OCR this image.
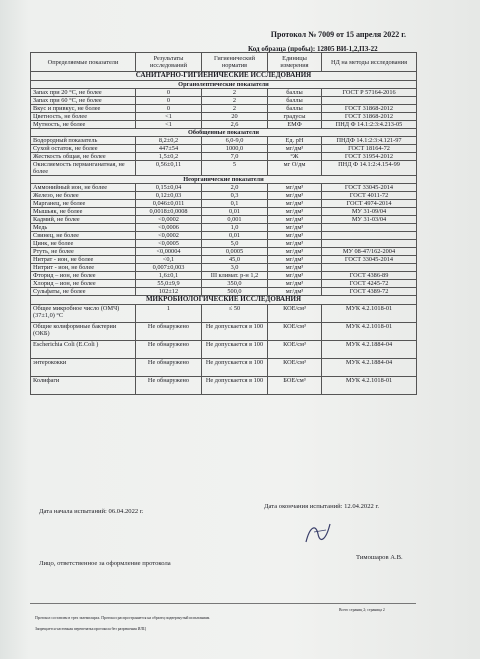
Протокол № 7009 от 15 апреля 2022 г.
Код образца (пробы): 12805 ВИ-1,2,ПЗ-22
Определяемые показатели	Результаты исследований	Гигиенический норматив	Единицы измерения	НД на методы исследования
САНИТАРНО-ГИГИЕНИЧЕСКИЕ ИССЛЕДОВАНИЯ				
Органолептические показатели				
Запах при 20 °С, не более	0	2	баллы	ГОСТ Р 57164-2016
Запах при 60 °С, не более	0	2	баллы	
Вкус и привкус, не более	0	2	баллы	ГОСТ 31868-2012
Цветность, не более	<1	20	градусы	ГОСТ 31868-2012
Мутность, не более	<1	2,6	ЕМФ	ПНД Ф 14.1:2:3:4.213-05
Обобщенные показатели				
Водородный показатель	8,2±0,2	6,0-9,0	Ед. рН	ПНДФ 14.1:2:3:4.121-97
Сухой остаток, не более	447±54	1000,0	мг/дм³	ГОСТ 18164-72
Жесткость общая, не более	1,5±0,2	7,0	°Ж	ГОСТ 31954-2012
Окисляемость перманганатная, не более	0,56±0,11	5	мг О/дм	ПНД Ф 14.1:2:4.154-99
Неорганические показатели				
Аммонийный ион, не более	0,15±0,04	2,0	мг/дм³	ГОСТ 33045-2014
Железо, не более	0,12±0,03	0,3	мг/дм³	ГОСТ 4011-72
Марганец, не более	0,046±0,011	0,1	мг/дм³	ГОСТ 4974-2014
Мышьяк, не более	0,0018±0,0008	0,01	мг/дм³	МУ 31-09/04
Кадмий, не более	<0,0002	0,001	мг/дм³	МУ 31-03/04
Медь	<0,0006	1,0	мг/дм³	
Свинец, не более	<0,0002	0,01	мг/дм³	
Цинк, не более	<0,0005	5,0	мг/дм³	
Ртуть, не более	<0,00004	0,0005	мг/дм³	МУ 08-47/162-2004
Нитрат - ион, не более	<0,1	45,0	мг/дм³	ГОСТ 33045-2014
Нитрит - ион, не более	0,007±0,003	3,0	мг/дм³	
Фторид – ион, не более	1,6±0,1	III климат. р-н 1,2	мг/дм³	ГОСТ 4386-89
Хлорид – ион, не более	55,0±9,9	350,0	мг/дм³	ГОСТ 4245-72
Сульфаты, не более	102±12	500,0	мг/дм³	ГОСТ 4389-72
МИКРОБИОЛОГИЧЕСКИЕ ИССЛЕДОВАНИЯ				
Общее микробное число (ОМЧ) (37±1,0) °С	1	≤ 50	КОЕ/см³	МУК 4.2.1018-01
Общие колиформные бактерии (ОКБ)	Не обнаружено	Не допускается в 100	КОЕ/см³	МУК 4.2.1018-01
Escherichia Coli (E.Coli )	Не обнаружено	Не допускается в 100	КОЕ/см³	МУК 4.2.1884-04
энтерококки	Не обнаружено	Не допускается в 100	КОЕ/см³	МУК 4.2.1884-04
Колифаги	Не обнаружено	Не допускается в 100	БОЕ/см³	МУК 4.2.1018-01
Дата окончания испытаний: 12.04.2022 г.
Дата начала испытаний: 06.04.2022 г.
Лицо, ответственное за оформление протокола
Тимошаров А.В.
Всего страниц 2; страница 2
Протокол составлен в трех экземплярах. Протокол распространяется на образец подвергнутый испытаниям.
Запрещается частичная перепечатка протокола без разрешения ИЛЦ
